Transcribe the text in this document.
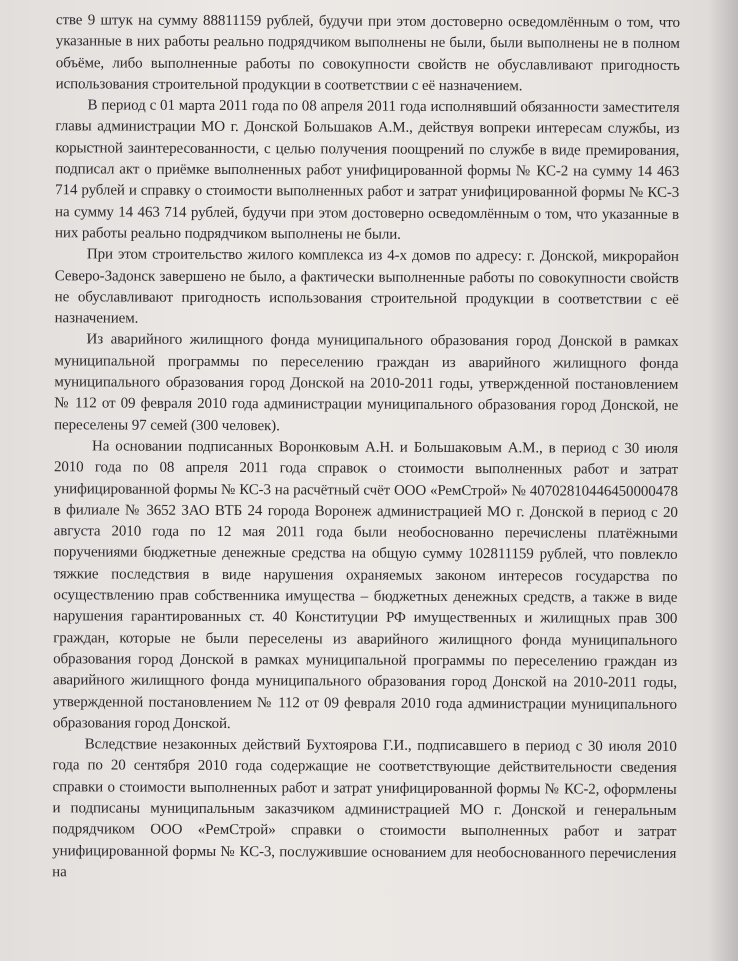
стве 9 штук на сумму 88811159 рублей, будучи при этом достоверно осведомлённым о том, что указанные в них работы реально подрядчиком выполнены не были, были выполнены не в полном объёме, либо выполненные работы по совокупности свойств не обуславливают пригодность использования строительной продукции в соответствии с её назначением.

В период с 01 марта 2011 года по 08 апреля 2011 года исполнявший обязанности заместителя главы администрации МО г. Донской Большаков А.М., действуя вопреки интересам службы, из корыстной заинтересованности, с целью получения поощрений по службе в виде премирования, подписал акт о приёмке выполненных работ унифицированной формы № КС-2 на сумму 14 463 714 рублей и справку о стоимости выполненных работ и затрат унифицированной формы № КС-3 на сумму 14 463 714 рублей, будучи при этом достоверно осведомлённым о том, что указанные в них работы реально подрядчиком выполнены не были.

При этом строительство жилого комплекса из 4-х домов по адресу: г. Донской, микрорайон Северо-Задонск завершено не было, а фактически выполненные работы по совокупности свойств не обуславливают пригодность использования строительной продукции в соответствии с её назначением.

Из аварийного жилищного фонда муниципального образования город Донской в рамках муниципальной программы по переселению граждан из аварийного жилищного фонда муниципального образования город Донской на 2010-2011 годы, утвержденной постановлением № 112 от 09 февраля 2010 года администрации муниципального образования город Донской, не переселены 97 семей (300 человек).

На основании подписанных Воронковым А.Н. и Большаковым А.М., в период с 30 июля 2010 года по 08 апреля 2011 года справок о стоимости выполненных работ и затрат унифицированной формы № КС-3 на расчётный счёт ООО «РемСтрой» № 40702810446450000478 в филиале № 3652 ЗАО ВТБ 24 города Воронеж администрацией МО г. Донской в период с 20 августа 2010 года по 12 мая 2011 года были необоснованно перечислены платёжными поручениями бюджетные денежные средства на общую сумму 102811159 рублей, что повлекло тяжкие последствия в виде нарушения охраняемых законом интересов государства по осуществлению прав собственника имущества – бюджетных денежных средств, а также в виде нарушения гарантированных ст. 40 Конституции РФ имущественных и жилищных прав 300 граждан, которые не были переселены из аварийного жилищного фонда муниципального образования город Донской в рамках муниципальной программы по переселению граждан из аварийного жилищного фонда муниципального образования город Донской на 2010-2011 годы, утвержденной постановлением № 112 от 09 февраля 2010 года администрации муниципального образования город Донской.

Вследствие незаконных действий Бухтоярова Г.И., подписавшего в период с 30 июля 2010 года по 20 сентября 2010 года содержащие не соответствующие действительности сведения справки о стоимости выполненных работ и затрат унифицированной формы № КС-2, оформлены и подписаны муниципальным заказчиком администрацией МО г. Донской и генеральным подрядчиком ООО «РемСтрой» справки о стоимости выполненных работ и затрат унифицированной формы № КС-3, послужившие основанием для необоснованного перечисления на
